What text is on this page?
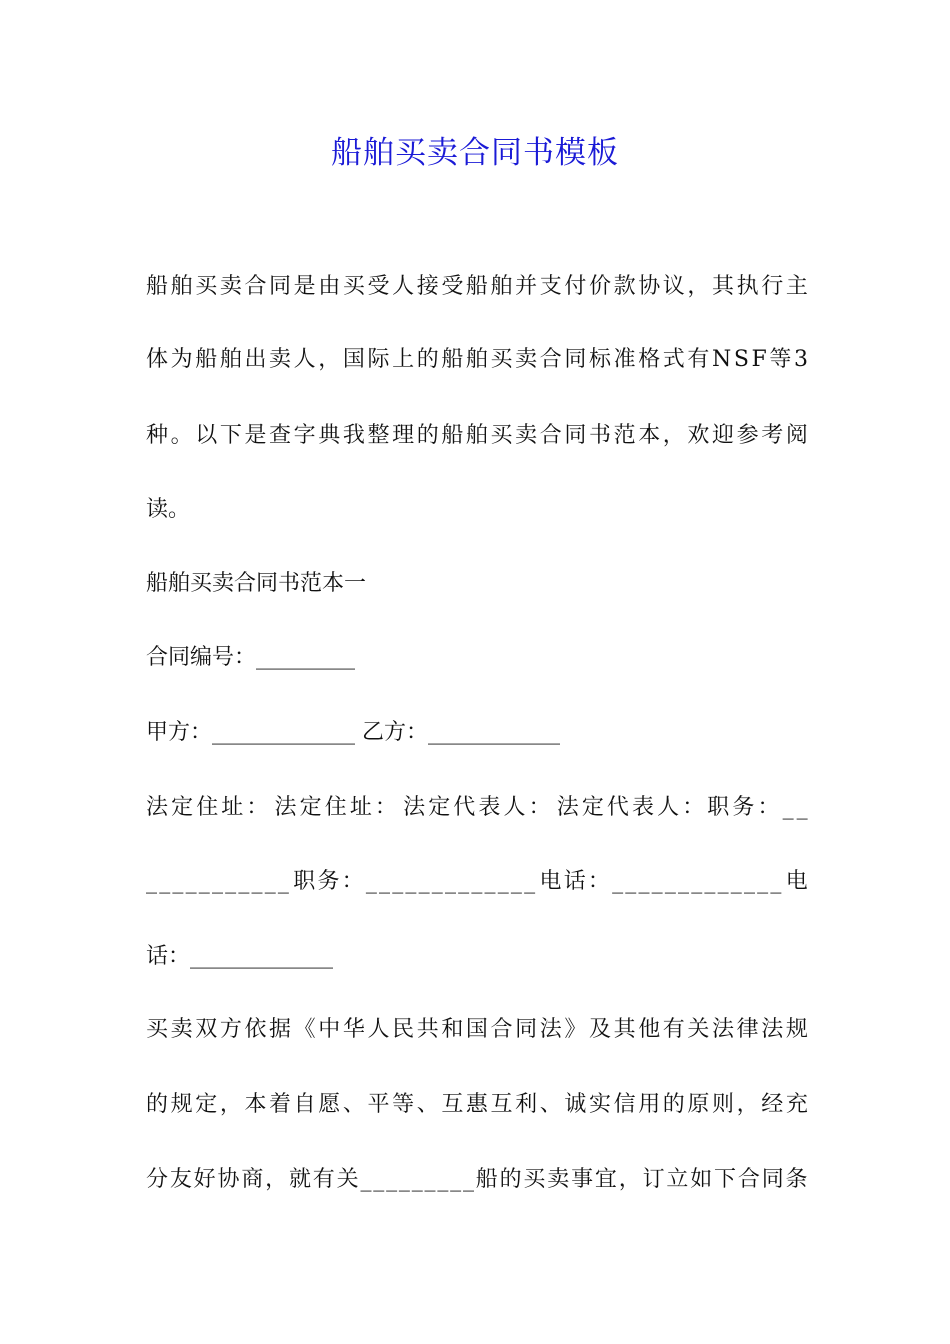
船舶买卖合同书模板

船 舶 买 卖 合 同 是 由 买 受 人 接 受 船 舶 并 支 付 价 款 协 议 ， 其 执 行 主

体 为 船 舶 出 卖 人 ， 国 际 上 的 船 舶 买 卖 合 同 标 准 格 式 有 N S F 等 3

种 。 以 下 是 查 字 典 我 整 理 的 船 舶 买 卖 合 同 书 范 本 ， 欢 迎 参 考 阅

读。

船舶买卖合同书范本一

合同编号：_________

甲方：_____________ 乙方：____________

法 定 住 址 ： 法 定 住 址 ： 法 定 代 表 人 ： 法 定 代 表 人 ： 职 务 ： _ _

_ _ _ _ _ _ _ _ _ _ _ 职 务 ： _ _ _ _ _ _ _ _ _ _ _ _ _ 电 话 ： _ _ _ _ _ _ _ _ _ _ _ _ _ 电

话：_____________

买 卖 双 方 依 据 《 中 华 人 民 共 和 国 合 同 法 》 及 其 他 有 关 法 律 法 规

的 规 定 ， 本 着 自 愿 、 平 等 、 互 惠 互 利 、 诚 实 信 用 的 原 则 ， 经 充

分 友 好 协 商 ， 就 有 关 _ _ _ _ _ _ _ _ _ 船 的 买 卖 事 宜 ， 订 立 如 下 合 同 条
